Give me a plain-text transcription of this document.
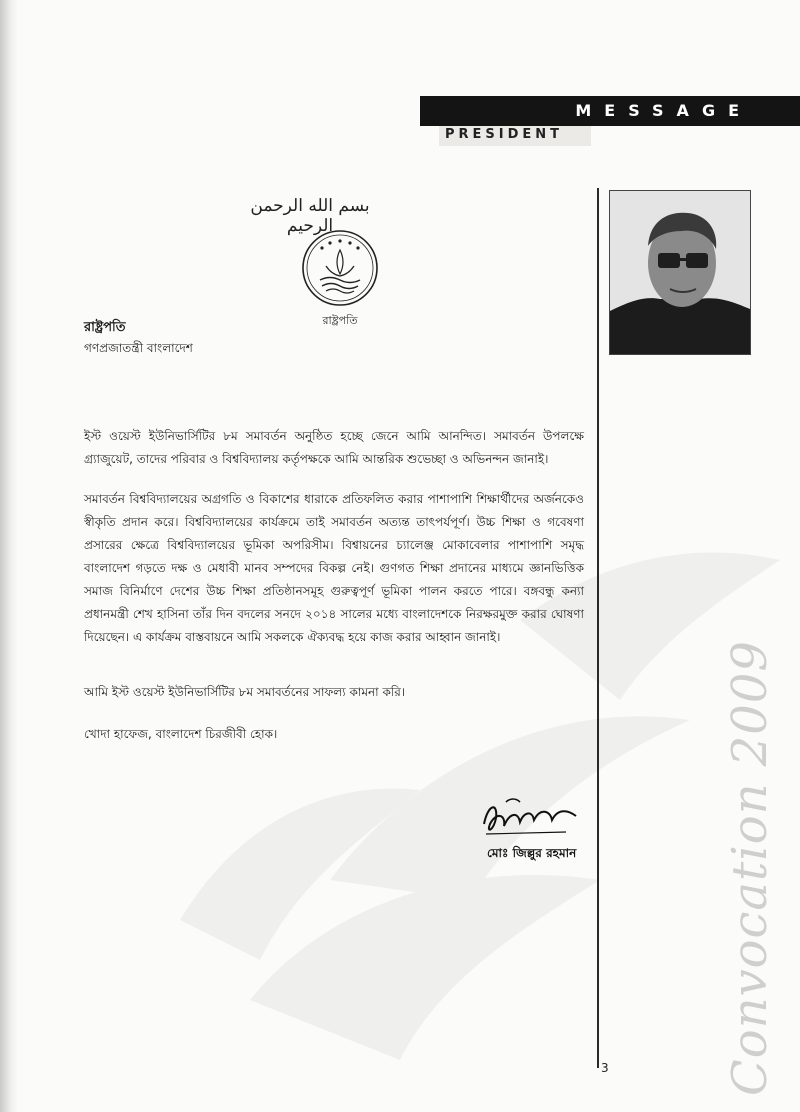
MESSAGE
PRESIDENT
بسم الله الرحمن الرحيم
রাষ্ট্রপতি
রাষ্ট্রপতি
গণপ্রজাতন্ত্রী বাংলাদেশ

ইস্ট ওয়েস্ট ইউনিভার্সিটির ৮ম সমাবর্তন অনুষ্ঠিত হচ্ছে জেনে আমি আনন্দিত। সমাবর্তন উপলক্ষে গ্র্যাজুয়েট, তাদের পরিবার ও বিশ্ববিদ্যালয় কর্তৃপক্ষকে আমি আন্তরিক শুভেচ্ছা ও অভিনন্দন জানাই।

সমাবর্তন বিশ্ববিদ্যালয়ের অগ্রগতি ও বিকাশের ধারাকে প্রতিফলিত করার পাশাপাশি শিক্ষার্থীদের অর্জনকেও স্বীকৃতি প্রদান করে। বিশ্ববিদ্যালয়ের কার্যক্রমে তাই সমাবর্তন অত্যন্ত তাৎপর্যপূর্ণ। উচ্চ শিক্ষা ও গবেষণা প্রসারের ক্ষেত্রে বিশ্ববিদ্যালয়ের ভূমিকা অপরিসীম। বিশ্বায়নের চ্যালেঞ্জ মোকাবেলার পাশাপাশি সমৃদ্ধ বাংলাদেশ গড়তে দক্ষ ও মেধাবী মানব সম্পদের বিকল্প নেই। গুণগত শিক্ষা প্রদানের মাধ্যমে জ্ঞানভিত্তিক সমাজ বিনির্মাণে দেশের উচ্চ শিক্ষা প্রতিষ্ঠানসমূহ গুরুত্বপূর্ণ ভূমিকা পালন করতে পারে। বঙ্গবন্ধু কন্যা প্রধানমন্ত্রী শেখ হাসিনা তাঁর দিন বদলের সনদে ২০১৪ সালের মধ্যে বাংলাদেশকে নিরক্ষরমুক্ত করার ঘোষণা দিয়েছেন। এ কার্যক্রম বাস্তবায়নে আমি সকলকে ঐক্যবদ্ধ হয়ে কাজ করার আহ্বান জানাই।

আমি ইস্ট ওয়েস্ট ইউনিভার্সিটির ৮ম সমাবর্তনের সাফল্য কামনা করি।

খোদা হাফেজ, বাংলাদেশ চিরজীবী হোক।

মোঃ জিল্লুর রহমান	Convocation 2009
3
